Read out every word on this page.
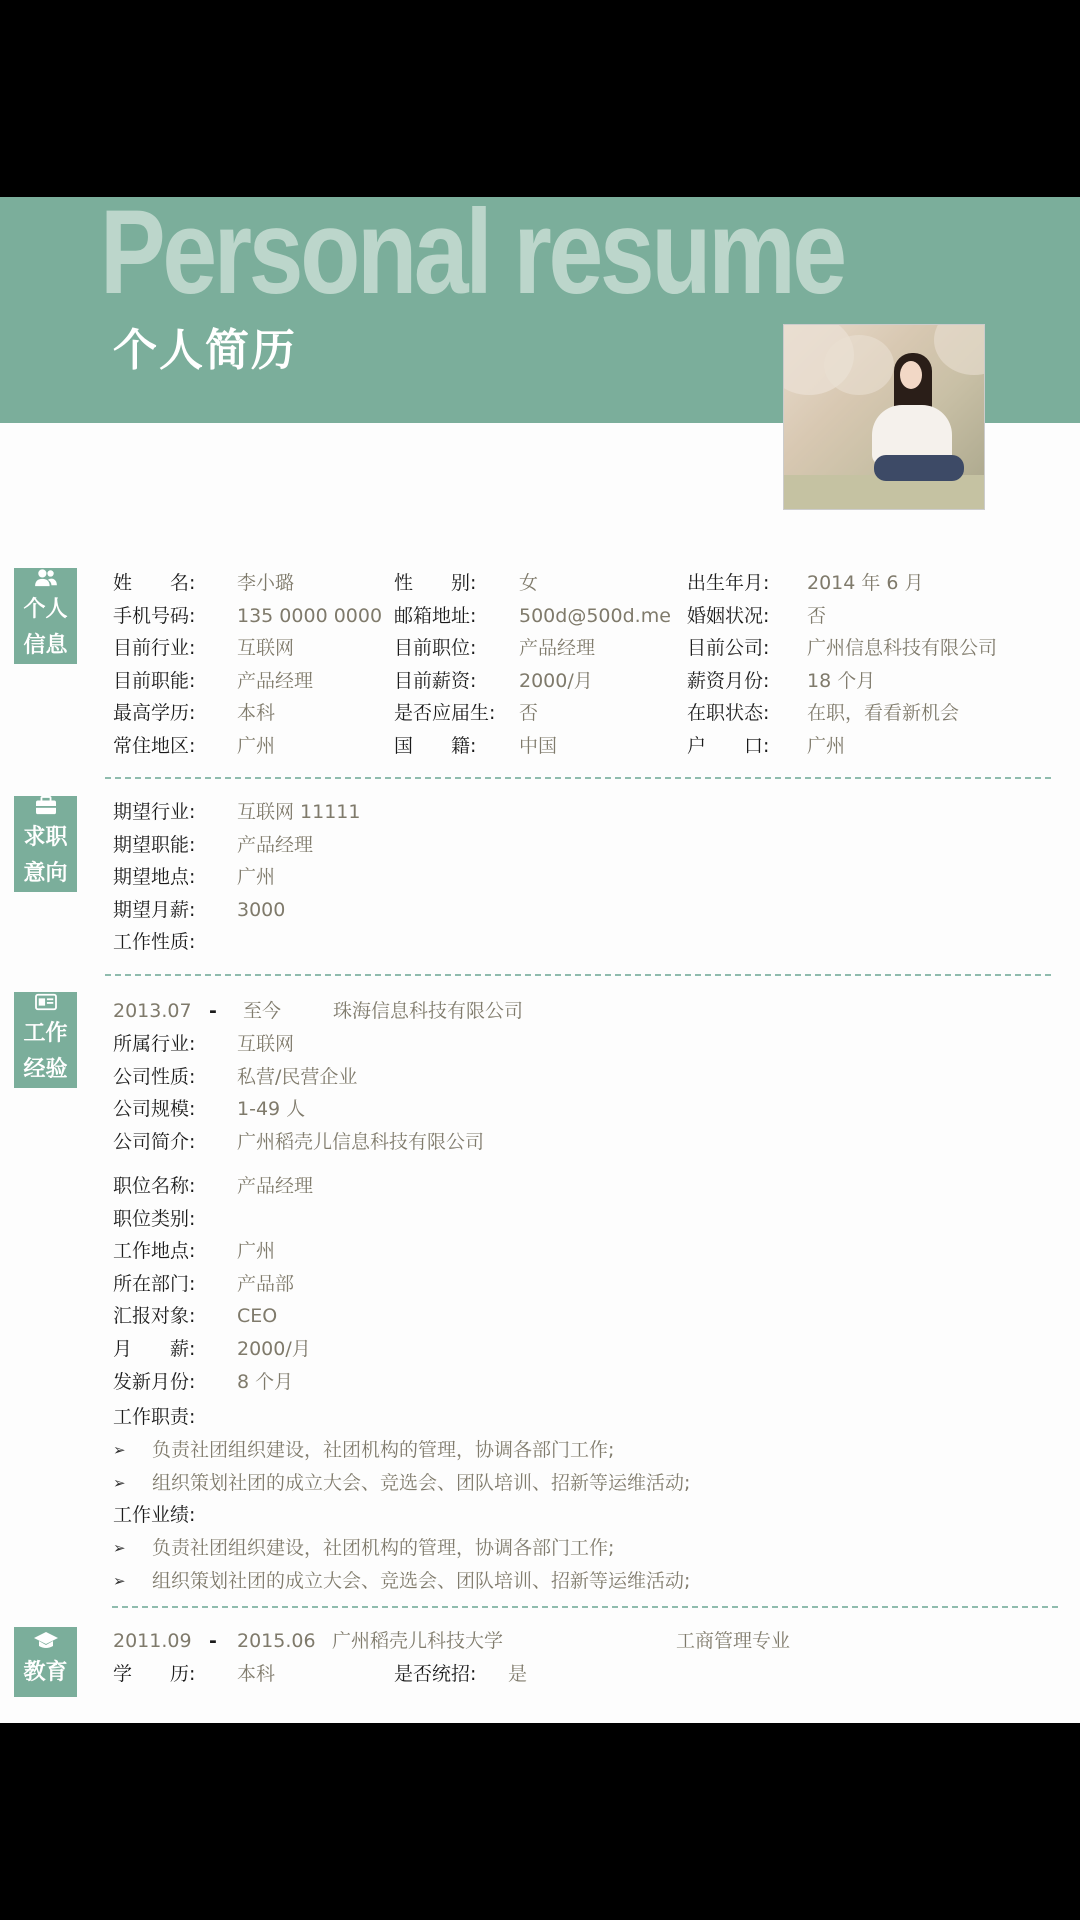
Personal resume
个人简历
个人
信息
姓　　名: 李小璐	性　　别: 女	出生年月: 2014 年 6 月
手机号码: 135 0000 0000 邮箱地址: 500d@500d.me 婚姻状况: 否
目前行业: 互联网	目前职位: 产品经理	目前公司: 广州信息科技有限公司
目前职能: 产品经理	目前薪资: 2000/月	薪资月份: 18 个月
最高学历: 本科	是否应届生: 否	在职状态: 在职，看看新机会
常住地区: 广州	国　　籍: 中国	户　　口: 广州
求职
意向
期望行业: 互联网 11111
期望职能: 产品经理
期望地点: 广州
期望月薪: 3000
工作性质:
工作
经验
2013.07 - 至今	珠海信息科技有限公司
所属行业: 互联网
公司性质: 私营/民营企业
公司规模: 1-49 人
公司简介: 广州稻壳儿信息科技有限公司
职位名称: 产品经理
职位类别:
工作地点: 广州
所在部门: 产品部
汇报对象: CEO
月　　薪: 2000/月
发新月份: 8 个月
工作职责:
➢ 负责社团组织建设，社团机构的管理，协调各部门工作;
➢ 组织策划社团的成立大会、竞选会、团队培训、招新等运维活动;
工作业绩:
➢ 负责社团组织建设，社团机构的管理，协调各部门工作;
➢ 组织策划社团的成立大会、竞选会、团队培训、招新等运维活动;
教育
2011.09 - 2015.06 广州稻壳儿科技大学	工商管理专业
学　　历: 本科	是否统招: 是
